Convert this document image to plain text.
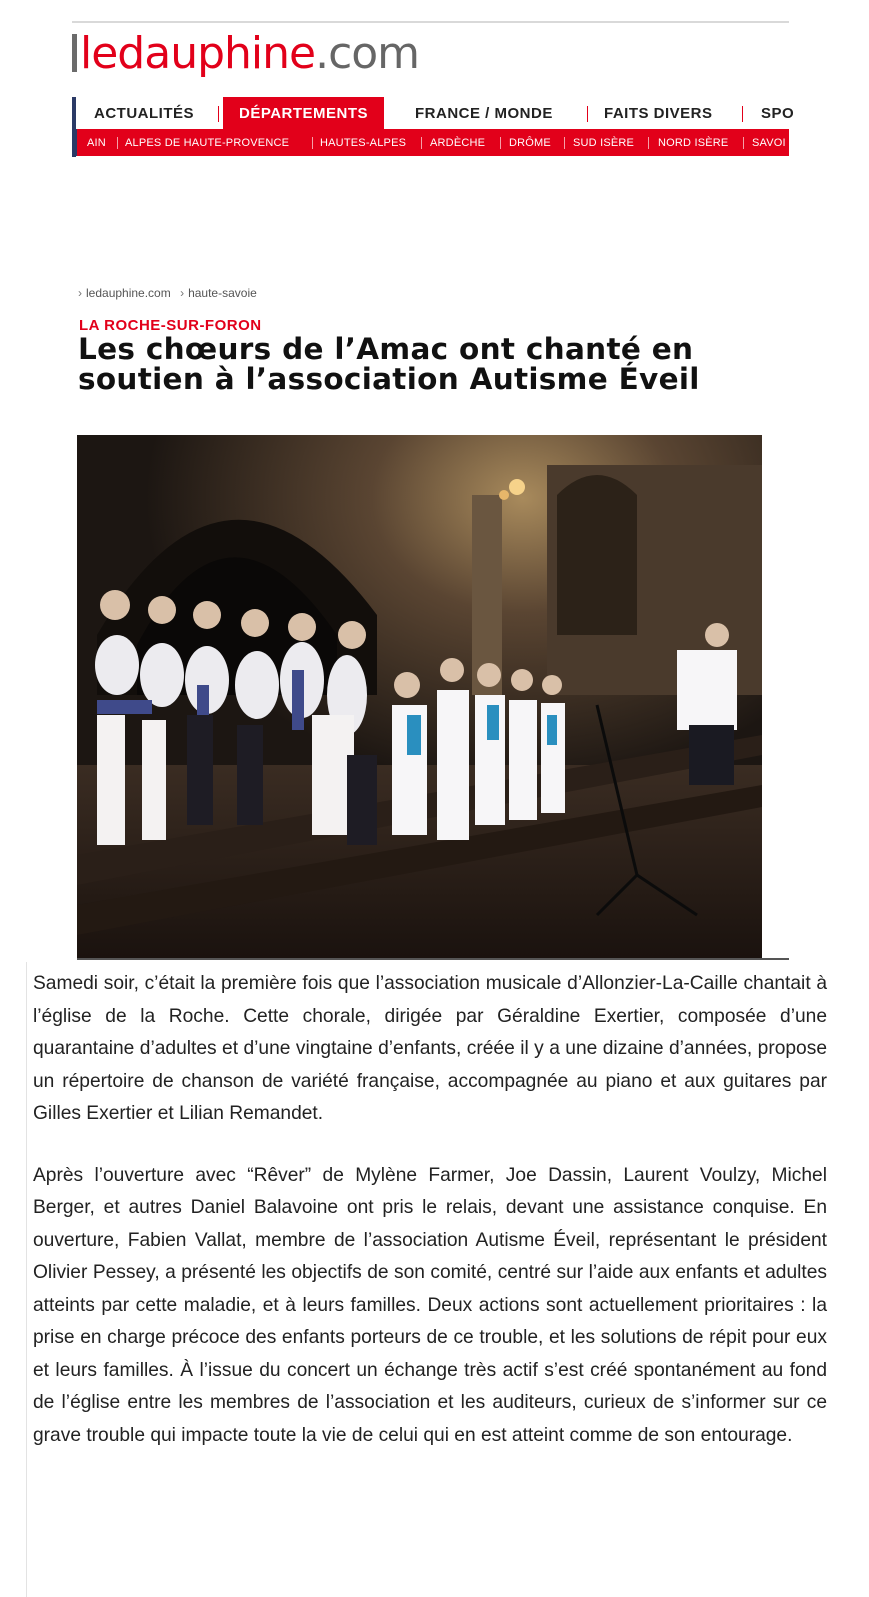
ledauphine.com
ACTUALITÉS	DÉPARTEMENTS	FRANCE / MONDE	FAITS DIVERS	SPO
AIN ALPES DE HAUTE-PROVENCE	HAUTES-ALPES ARDÈCHE DRÔME SUD ISÈRE NORD ISÈRE SAVOI
› ledauphine.com › haute-savoie
LA ROCHE-SUR-FORON
Les chœurs de l’Amac ont chanté en soutien à l’association Autisme Éveil

Samedi soir, c’était la première fois que l’association musicale d’Allonzier-La-Caille chantait à l’église de la Roche. Cette chorale, dirigée par Géraldine Exertier, composée d’une quarantaine d’adultes et d’une vingtaine d’enfants, créée il y a une dizaine d’années, propose un répertoire de chanson de variété française, accompagnée au piano et aux guitares par Gilles Exertier et Lilian Remandet.

Après l’ouverture avec “Rêver” de Mylène Farmer, Joe Dassin, Laurent Voulzy, Michel Berger, et autres Daniel Balavoine ont pris le relais, devant une assistance conquise. En ouverture, Fabien Vallat, membre de l’association Autisme Éveil, représentant le président Olivier Pessey, a présenté les objectifs de son comité, centré sur l’aide aux enfants et adultes atteints par cette maladie, et à leurs familles. Deux actions sont actuellement prioritaires : la prise en charge précoce des enfants porteurs de ce trouble, et les solutions de répit pour eux et leurs familles. À l’issue du concert un échange très actif s’est créé spontanément au fond de l’église entre les membres de l’association et les auditeurs, curieux de s’informer sur ce grave trouble qui impacte toute la vie de celui qui en est atteint comme de son entourage.
